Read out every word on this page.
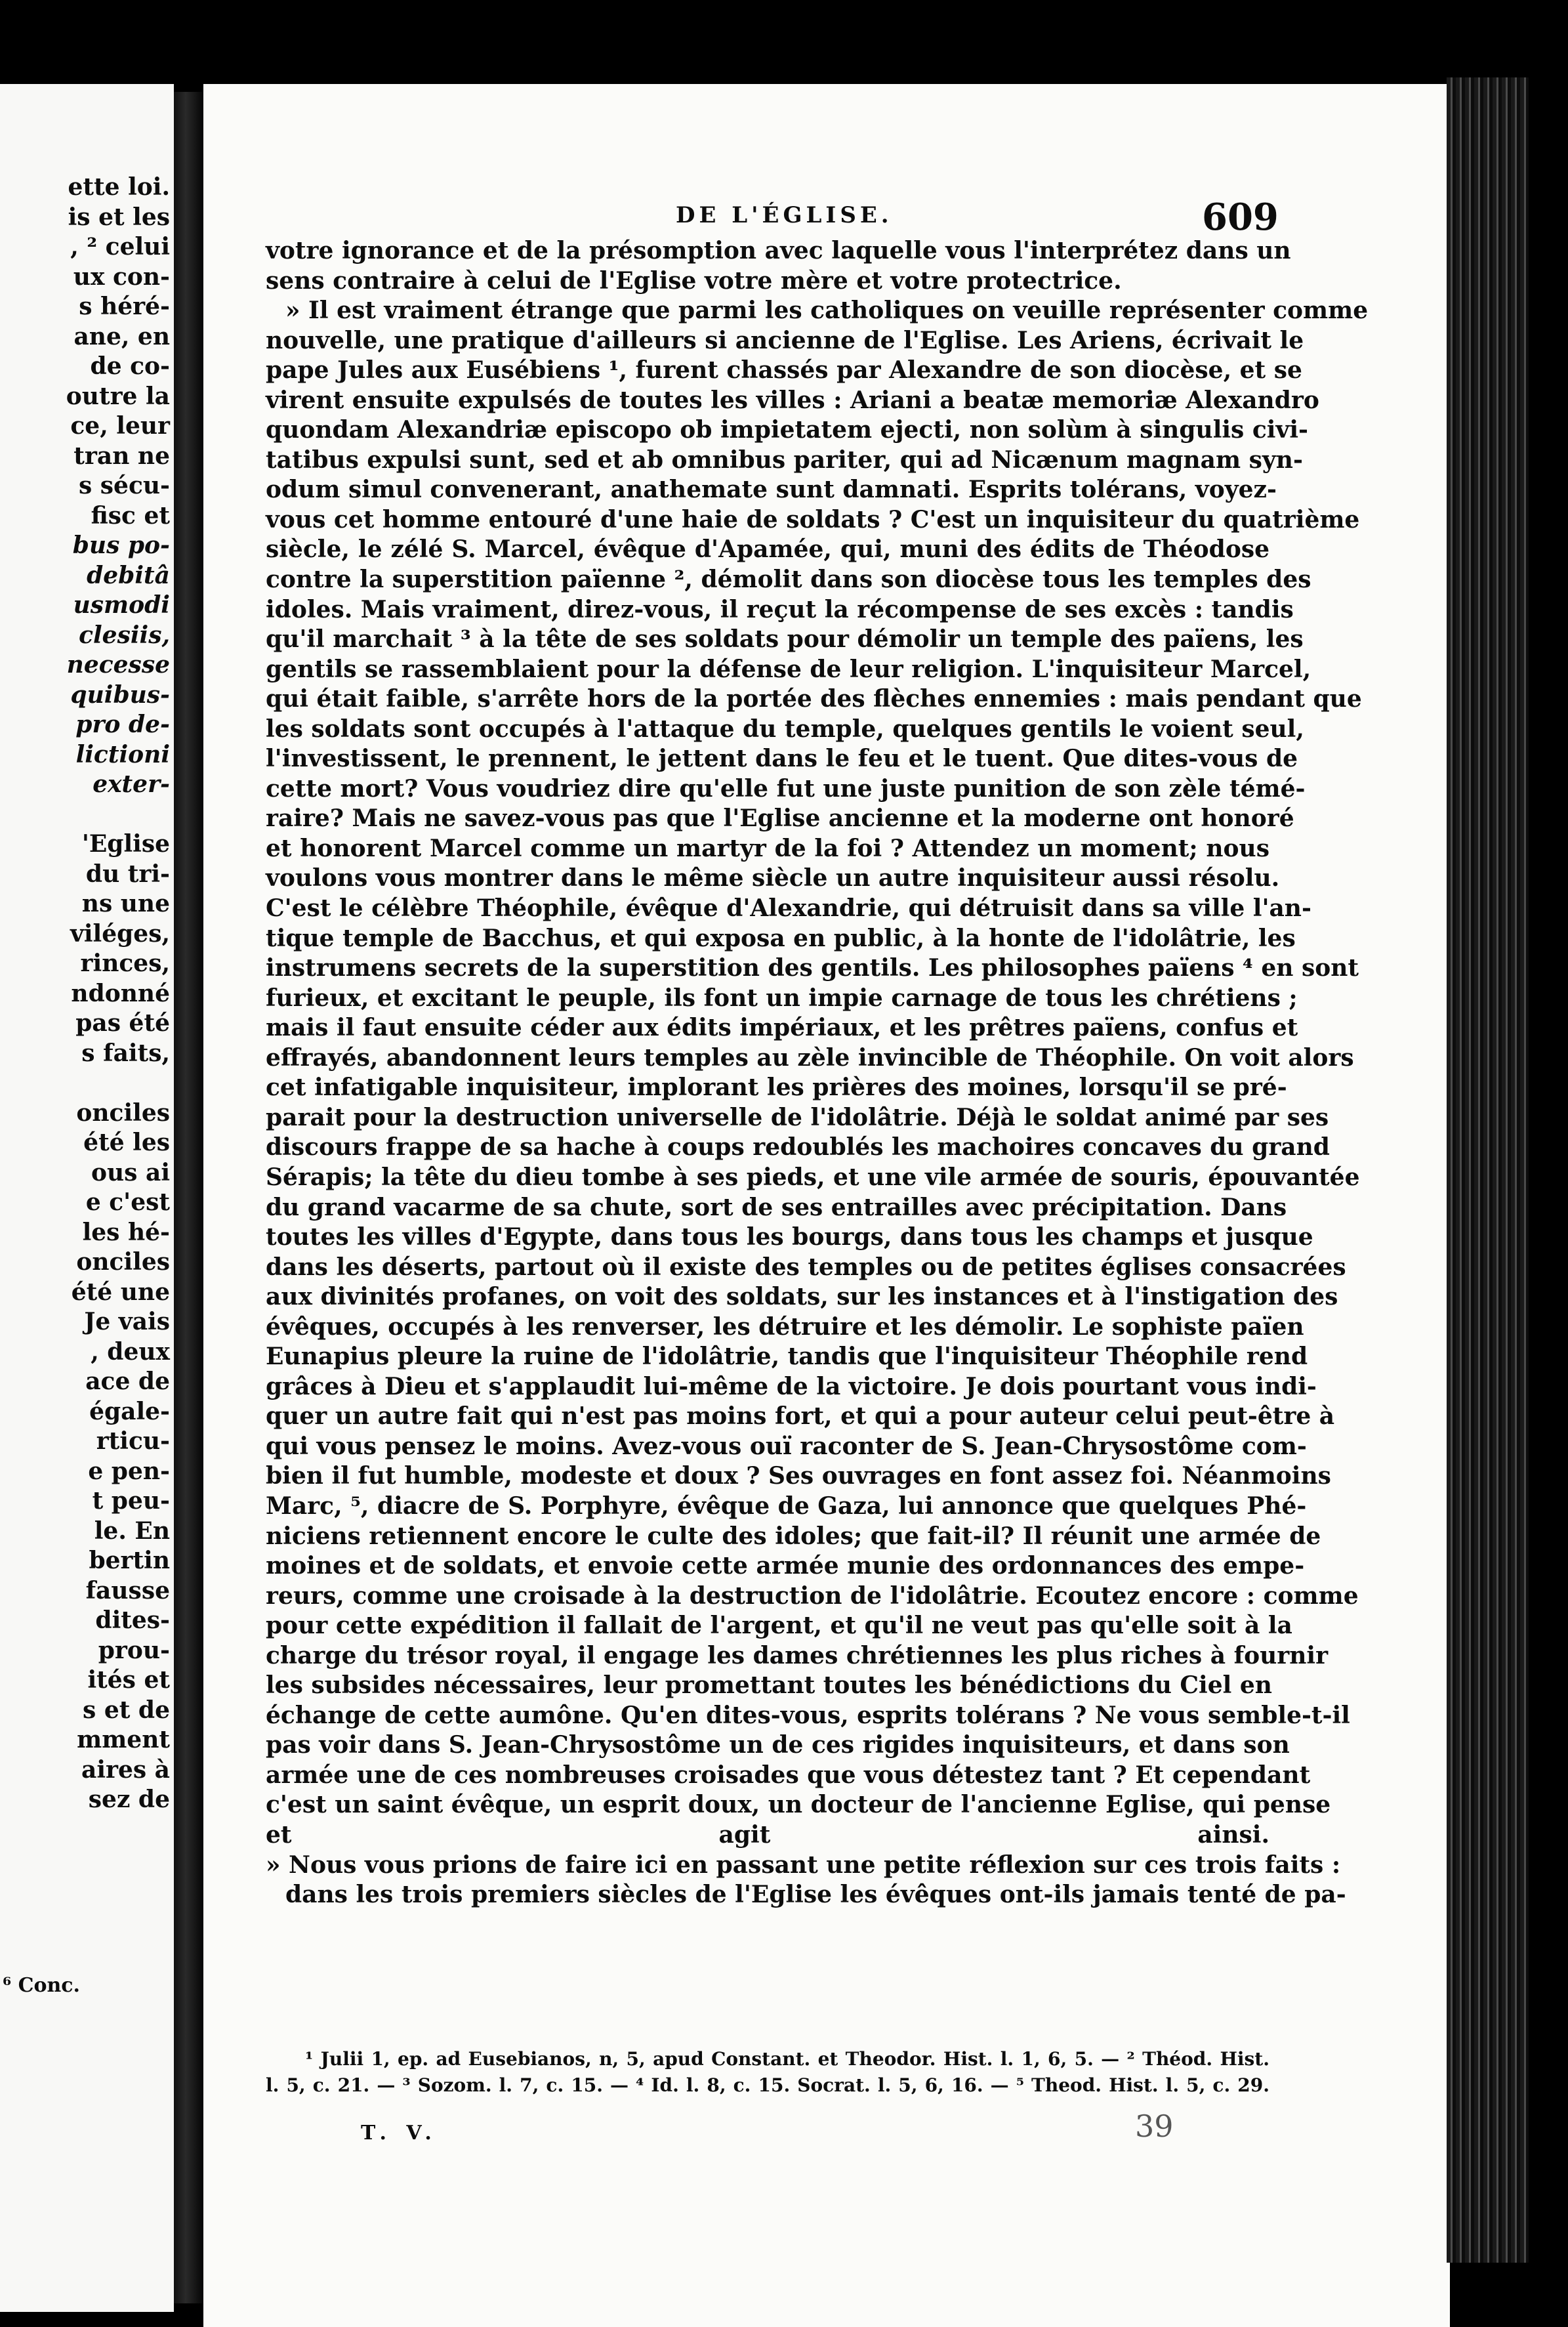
ette loi.
is et les
, ² celui
ux con-
s héré-
ane, en
de co-
outre la
ce, leur
tran ne
s sécu-
fisc et
bus po-
debitâ
usmodi
clesiis,
necesse
quibus-
pro de-
lictioni
exter-
'Eglise
du tri-
ns une
viléges,
rinces,
ndonné
pas été
s faits,
onciles
été les
ous ai
e c'est
les hé-
onciles
été une
Je vais
, deux
ace de
égale-
rticu-
e pen-
t peu-
le. En
bertin
fausse
dites-
prou-
ités et
s et de
mment
aires à
sez de
⁶ Conc.
DE L'ÉGLISE.	609
votre ignorance et de la présomption avec laquelle vous l'interprétez dans un
sens contraire à celui de l'Eglise votre mère et votre protectrice.
» Il est vraiment étrange que parmi les catholiques on veuille représenter comme
nouvelle, une pratique d'ailleurs si ancienne de l'Eglise. Les Ariens, écrivait le
pape Jules aux Eusébiens ¹, furent chassés par Alexandre de son diocèse, et se
virent ensuite expulsés de toutes les villes : Ariani a beatæ memoriæ Alexandro
quondam Alexandriæ episcopo ob impietatem ejecti, non solùm à singulis civi-
tatibus expulsi sunt, sed et ab omnibus pariter, qui ad Nicænum magnam syn-
odum simul convenerant, anathemate sunt damnati. Esprits tolérans, voyez-
vous cet homme entouré d'une haie de soldats ? C'est un inquisiteur du quatrième
siècle, le zélé S. Marcel, évêque d'Apamée, qui, muni des édits de Théodose
contre la superstition païenne ², démolit dans son diocèse tous les temples des
idoles. Mais vraiment, direz-vous, il reçut la récompense de ses excès : tandis
qu'il marchait ³ à la tête de ses soldats pour démolir un temple des païens, les
gentils se rassemblaient pour la défense de leur religion. L'inquisiteur Marcel,
qui était faible, s'arrête hors de la portée des flèches ennemies : mais pendant que
les soldats sont occupés à l'attaque du temple, quelques gentils le voient seul,
l'investissent, le prennent, le jettent dans le feu et le tuent. Que dites-vous de
cette mort? Vous voudriez dire qu'elle fut une juste punition de son zèle témé-
raire? Mais ne savez-vous pas que l'Eglise ancienne et la moderne ont honoré
et honorent Marcel comme un martyr de la foi ? Attendez un moment; nous
voulons vous montrer dans le même siècle un autre inquisiteur aussi résolu.
C'est le célèbre Théophile, évêque d'Alexandrie, qui détruisit dans sa ville l'an-
tique temple de Bacchus, et qui exposa en public, à la honte de l'idolâtrie, les
instrumens secrets de la superstition des gentils. Les philosophes païens ⁴ en sont
furieux, et excitant le peuple, ils font un impie carnage de tous les chrétiens ;
mais il faut ensuite céder aux édits impériaux, et les prêtres païens, confus et
effrayés, abandonnent leurs temples au zèle invincible de Théophile. On voit alors
cet infatigable inquisiteur, implorant les prières des moines, lorsqu'il se pré-
parait pour la destruction universelle de l'idolâtrie. Déjà le soldat animé par ses
discours frappe de sa hache à coups redoublés les machoires concaves du grand
Sérapis; la tête du dieu tombe à ses pieds, et une vile armée de souris, épouvantée
du grand vacarme de sa chute, sort de ses entrailles avec précipitation. Dans
toutes les villes d'Egypte, dans tous les bourgs, dans tous les champs et jusque
dans les déserts, partout où il existe des temples ou de petites églises consacrées
aux divinités profanes, on voit des soldats, sur les instances et à l'instigation des
évêques, occupés à les renverser, les détruire et les démolir. Le sophiste païen
Eunapius pleure la ruine de l'idolâtrie, tandis que l'inquisiteur Théophile rend
grâces à Dieu et s'applaudit lui-même de la victoire. Je dois pourtant vous indi-
quer un autre fait qui n'est pas moins fort, et qui a pour auteur celui peut-être à
qui vous pensez le moins. Avez-vous ouï raconter de S. Jean-Chrysostôme com-
bien il fut humble, modeste et doux ? Ses ouvrages en font assez foi. Néanmoins
Marc, ⁵, diacre de S. Porphyre, évêque de Gaza, lui annonce que quelques Phé-
niciens retiennent encore le culte des idoles; que fait-il? Il réunit une armée de
moines et de soldats, et envoie cette armée munie des ordonnances des empe-
reurs, comme une croisade à la destruction de l'idolâtrie. Ecoutez encore : comme
pour cette expédition il fallait de l'argent, et qu'il ne veut pas qu'elle soit à la
charge du trésor royal, il engage les dames chrétiennes les plus riches à fournir
les subsides nécessaires, leur promettant toutes les bénédictions du Ciel en
échange de cette aumône. Qu'en dites-vous, esprits tolérans ? Ne vous semble-t-il
pas voir dans S. Jean-Chrysostôme un de ces rigides inquisiteurs, et dans son
armée une de ces nombreuses croisades que vous détestez tant ? Et cependant
c'est un saint évêque, un esprit doux, un docteur de l'ancienne Eglise, qui pense
et agit ainsi.
» Nous vous prions de faire ici en passant une petite réflexion sur ces trois faits :
dans les trois premiers siècles de l'Eglise les évêques ont-ils jamais tenté de pa-
¹ Julii 1, ep. ad Eusebianos, n, 5, apud Constant. et Theodor. Hist. l. 1, 6, 5. — ² Théod. Hist.
l. 5, c. 21. — ³ Sozom. l. 7, c. 15. — ⁴ Id. l. 8, c. 15. Socrat. l. 5, 6, 16. — ⁵ Theod. Hist. l. 5, c. 29.
T. V.	39
